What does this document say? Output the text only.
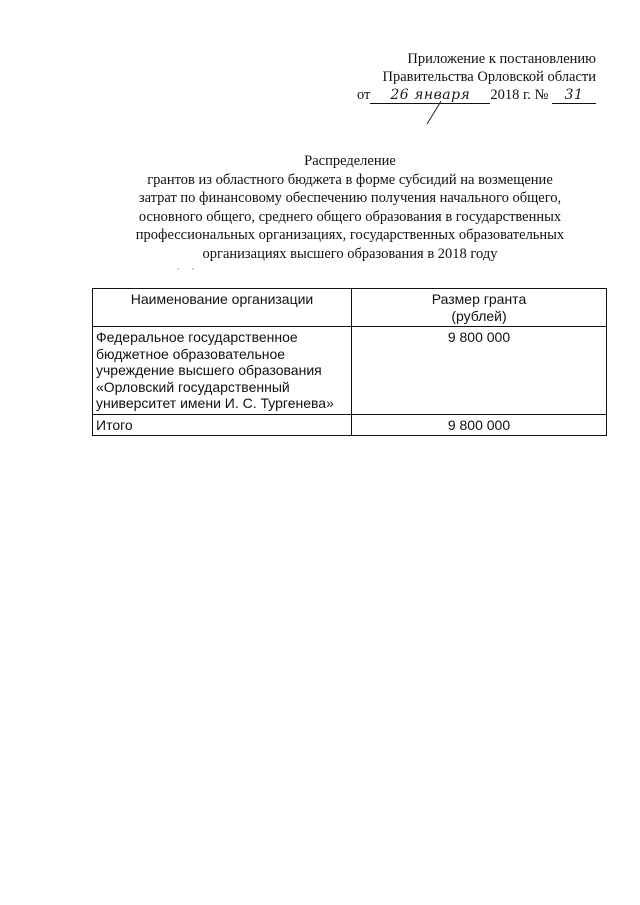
Приложение к постановлению
Правительства Орловской области
от 26 января 2018 г. № 31
Распределение
грантов из областного бюджета в форме субсидий на возмещение
затрат по финансовому обеспечению получения начального общего,
основного общего, среднего общего образования в государственных
профессиональных организациях, государственных образовательных
организациях высшего образования в 2018 году
Наименование организации	Размер гранта
(рублей)

Федеральное государственное
бюджетное образовательное
учреждение высшего образования
«Орловский государственный
университет имени И. С. Тургенева»	9 800 000
Итого	9 800 000
